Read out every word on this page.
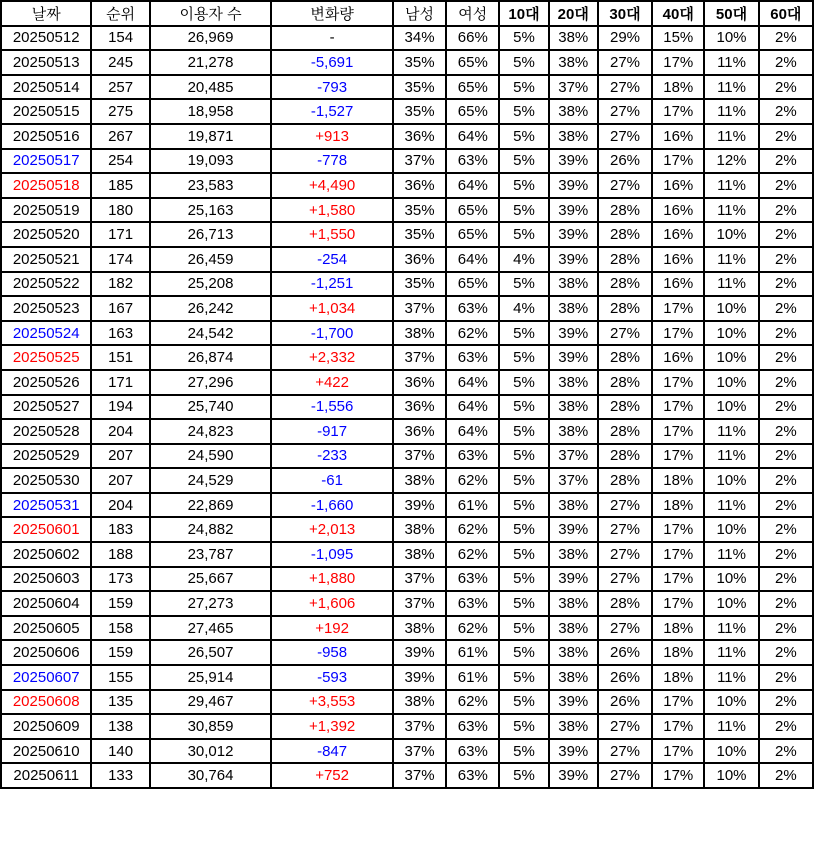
날짜	순위	이용자 수	변화량	남성	여성	10대	20대	30대	40대	50대	60대
20250512	154	26,969	-	34%	66%	5%	38%	29%	15%	10%	2%
20250513	245	21,278	-5,691	35%	65%	5%	38%	27%	17%	11%	2%
20250514	257	20,485	-793	35%	65%	5%	37%	27%	18%	11%	2%
20250515	275	18,958	-1,527	35%	65%	5%	38%	27%	17%	11%	2%
20250516	267	19,871	+913	36%	64%	5%	38%	27%	16%	11%	2%
20250517	254	19,093	-778	37%	63%	5%	39%	26%	17%	12%	2%
20250518	185	23,583	+4,490	36%	64%	5%	39%	27%	16%	11%	2%
20250519	180	25,163	+1,580	35%	65%	5%	39%	28%	16%	11%	2%
20250520	171	26,713	+1,550	35%	65%	5%	39%	28%	16%	10%	2%
20250521	174	26,459	-254	36%	64%	4%	39%	28%	16%	11%	2%
20250522	182	25,208	-1,251	35%	65%	5%	38%	28%	16%	11%	2%
20250523	167	26,242	+1,034	37%	63%	4%	38%	28%	17%	10%	2%
20250524	163	24,542	-1,700	38%	62%	5%	39%	27%	17%	10%	2%
20250525	151	26,874	+2,332	37%	63%	5%	39%	28%	16%	10%	2%
20250526	171	27,296	+422	36%	64%	5%	38%	28%	17%	10%	2%
20250527	194	25,740	-1,556	36%	64%	5%	38%	28%	17%	10%	2%
20250528	204	24,823	-917	36%	64%	5%	38%	28%	17%	11%	2%
20250529	207	24,590	-233	37%	63%	5%	37%	28%	17%	11%	2%
20250530	207	24,529	-61	38%	62%	5%	37%	28%	18%	10%	2%
20250531	204	22,869	-1,660	39%	61%	5%	38%	27%	18%	11%	2%
20250601	183	24,882	+2,013	38%	62%	5%	39%	27%	17%	10%	2%
20250602	188	23,787	-1,095	38%	62%	5%	38%	27%	17%	11%	2%
20250603	173	25,667	+1,880	37%	63%	5%	39%	27%	17%	10%	2%
20250604	159	27,273	+1,606	37%	63%	5%	38%	28%	17%	10%	2%
20250605	158	27,465	+192	38%	62%	5%	38%	27%	18%	11%	2%
20250606	159	26,507	-958	39%	61%	5%	38%	26%	18%	11%	2%
20250607	155	25,914	-593	39%	61%	5%	38%	26%	18%	11%	2%
20250608	135	29,467	+3,553	38%	62%	5%	39%	26%	17%	10%	2%
20250609	138	30,859	+1,392	37%	63%	5%	38%	27%	17%	11%	2%
20250610	140	30,012	-847	37%	63%	5%	39%	27%	17%	10%	2%
20250611	133	30,764	+752	37%	63%	5%	39%	27%	17%	10%	2%
